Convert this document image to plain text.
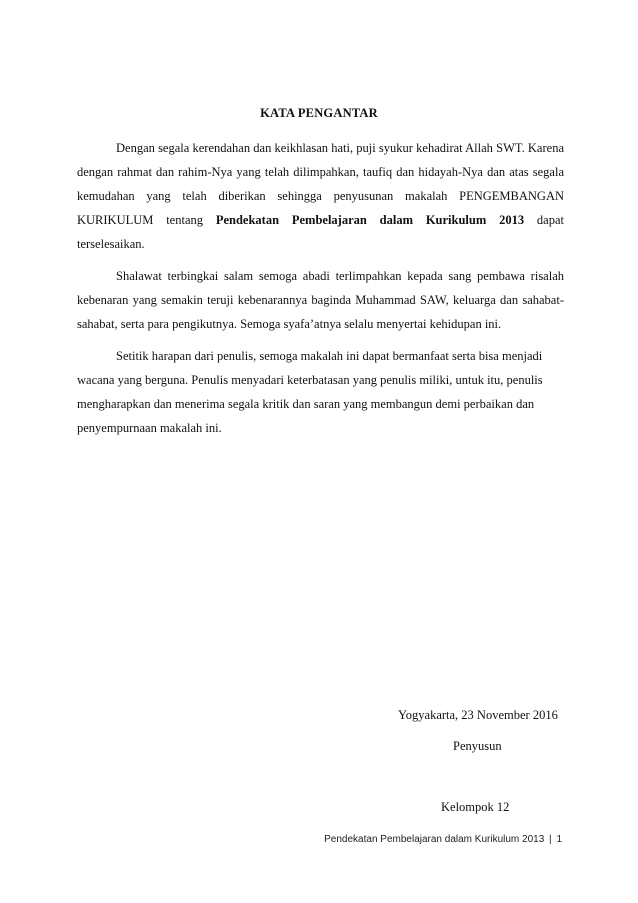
KATA PENGANTAR

Dengan segala kerendahan dan keikhlasan hati, puji syukur kehadirat Allah SWT. Karena dengan rahmat dan rahim-Nya yang telah dilimpahkan, taufiq dan hidayah-Nya dan atas segala kemudahan yang telah diberikan sehingga penyusunan makalah PENGEMBANGAN KURIKULUM tentang Pendekatan Pembelajaran dalam Kurikulum 2013 dapat terselesaikan.

Shalawat terbingkai salam semoga abadi terlimpahkan kepada sang pembawa risalah kebenaran yang semakin teruji kebenarannya baginda Muhammad SAW, keluarga dan sahabat-sahabat, serta para pengikutnya. Semoga syafa’atnya selalu menyertai kehidupan ini.

Setitik harapan dari penulis, semoga makalah ini dapat bermanfaat serta bisa menjadi wacana yang berguna. Penulis menyadari keterbatasan yang penulis miliki, untuk itu, penulis mengharapkan dan menerima segala kritik dan saran yang membangun demi perbaikan dan penyempurnaan makalah ini.

Yogyakarta, 23 November 2016
Penyusun
Kelompok 12
Pendekatan Pembelajaran dalam Kurikulum 2013 | 1
